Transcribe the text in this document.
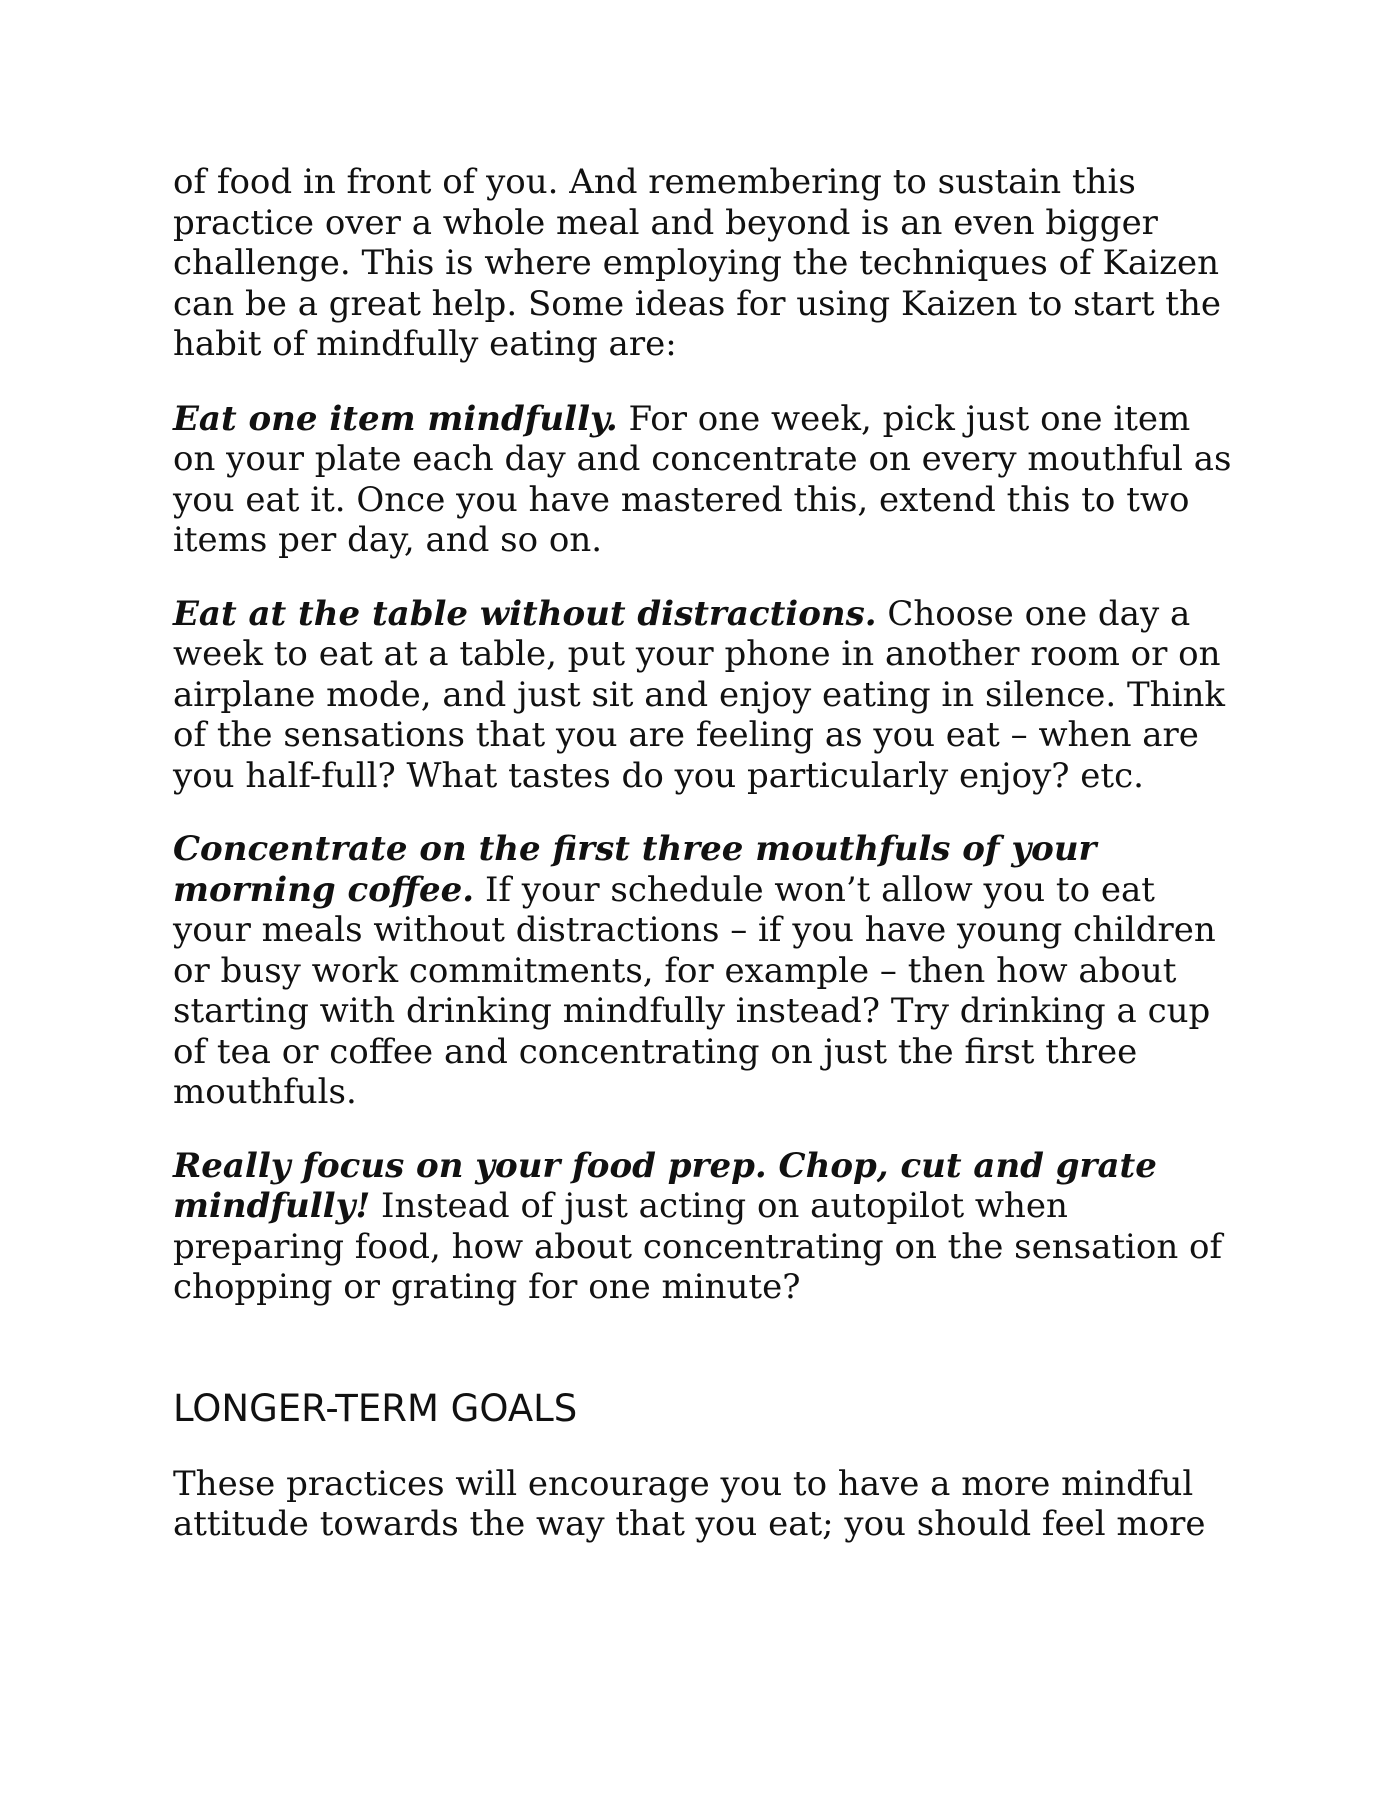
of food in front of you. And remembering to sustain this practice over a whole meal and beyond is an even bigger challenge. This is where employing the techniques of Kaizen can be a great help. Some ideas for using Kaizen to start the habit of mindfully eating are:

Eat one item mindfully. For one week, pick just one item on your plate each day and concentrate on every mouthful as you eat it. Once you have mastered this, extend this to two items per day, and so on.

Eat at the table without distractions. Choose one day a week to eat at a table, put your phone in another room or on airplane mode, and just sit and enjoy eating in silence. Think of the sensations that you are feeling as you eat – when are you half-full? What tastes do you particularly enjoy? etc.

Concentrate on the first three mouthfuls of your morning coffee. If your schedule won’t allow you to eat your meals without distractions – if you have young children or busy work commitments, for example – then how about starting with drinking mindfully instead? Try drinking a cup of tea or coffee and concentrating on just the first three mouthfuls.

Really focus on your food prep. Chop, cut and grate mindfully! Instead of just acting on autopilot when preparing food, how about concentrating on the sensation of chopping or grating for one minute?

LONGER-TERM GOALS

These practices will encourage you to have a more mindful attitude towards the way that you eat; you should feel more
